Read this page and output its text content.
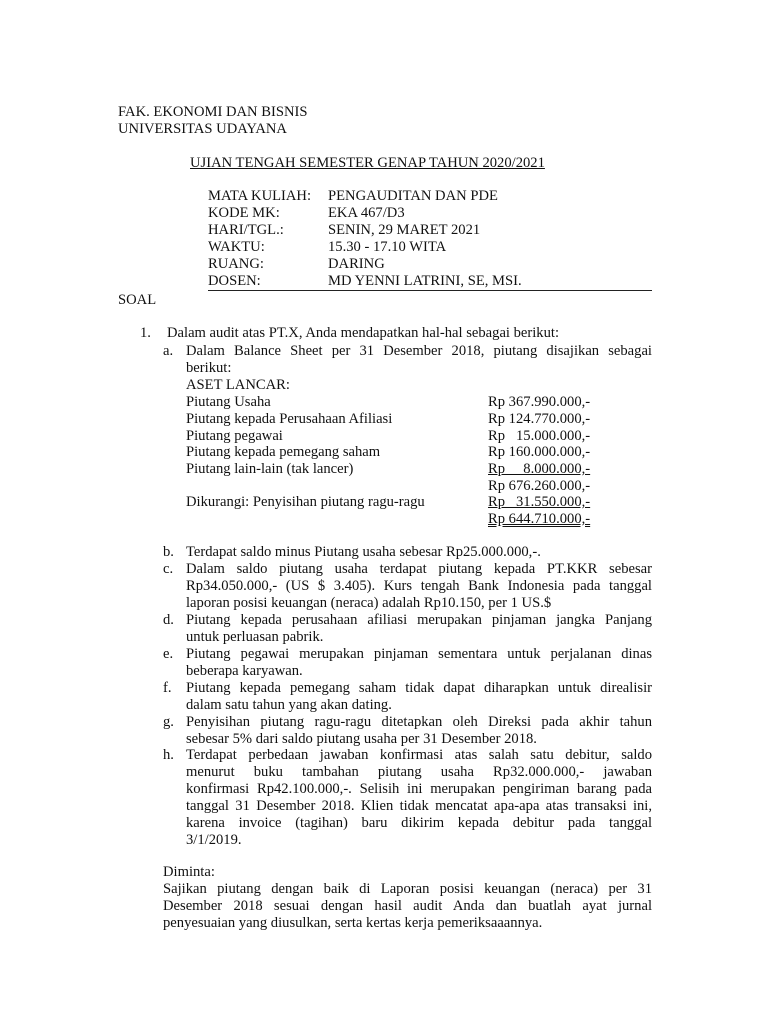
FAK. EKONOMI DAN BISNIS
UNIVERSITAS UDAYANA
UJIAN TENGAH SEMESTER GENAP TAHUN 2020/2021
MATA KULIAH: PENGAUDITAN DAN PDE
KODE MK:	EKA 467/D3
HARI/TGL.:	SENIN, 29 MARET 2021
WAKTU:	15.30 - 17.10 WITA
RUANG:	DARING
DOSEN:	MD YENNI LATRINI, SE, MSI.
SOAL
1. Dalam audit atas PT.X, Anda mendapatkan hal-hal sebagai berikut:
a. Dalam Balance Sheet per 31 Desember 2018, piutang disajikan sebagai
berikut:
ASET LANCAR:
Piutang Usaha	Rp 367.990.000,-
Piutang kepada Perusahaan Afiliasi	Rp 124.770.000,-
Piutang pegawai	Rp   15.000.000,-
Piutang kepada pemegang saham	Rp 160.000.000,-
Piutang lain-lain (tak lancer)	Rp     8.000.000,-
Rp 676.260.000,-
Dikurangi: Penyisihan piutang ragu-ragu	Rp   31.550.000,-
Rp 644.710.000,-
b. Terdapat saldo minus Piutang usaha sebesar Rp25.000.000,-.
c. Dalam saldo piutang usaha terdapat piutang kepada PT.KKR sebesar
Rp34.050.000,- (US $ 3.405). Kurs tengah Bank Indonesia pada tanggal
laporan posisi keuangan (neraca) adalah Rp10.150, per 1 US.$
d. Piutang kepada perusahaan afiliasi merupakan pinjaman jangka Panjang
untuk perluasan pabrik.
e. Piutang pegawai merupakan pinjaman sementara untuk perjalanan dinas
beberapa karyawan.
f. Piutang kepada pemegang saham tidak dapat diharapkan untuk direalisir
dalam satu tahun yang akan dating.
g. Penyisihan piutang ragu-ragu ditetapkan oleh Direksi pada akhir tahun
sebesar 5% dari saldo piutang usaha per 31 Desember 2018.
h. Terdapat perbedaan jawaban konfirmasi atas salah satu debitur, saldo
menurut buku tambahan piutang usaha Rp32.000.000,- jawaban
konfirmasi Rp42.100.000,-. Selisih ini merupakan pengiriman barang pada
tanggal 31 Desember 2018. Klien tidak mencatat apa-apa atas transaksi ini,
karena invoice (tagihan) baru dikirim kepada debitur pada tanggal
3/1/2019.
Diminta:
Sajikan piutang dengan baik di Laporan posisi keuangan (neraca) per 31
Desember 2018 sesuai dengan hasil audit Anda dan buatlah ayat jurnal
penyesuaian yang diusulkan, serta kertas kerja pemeriksaaannya.
